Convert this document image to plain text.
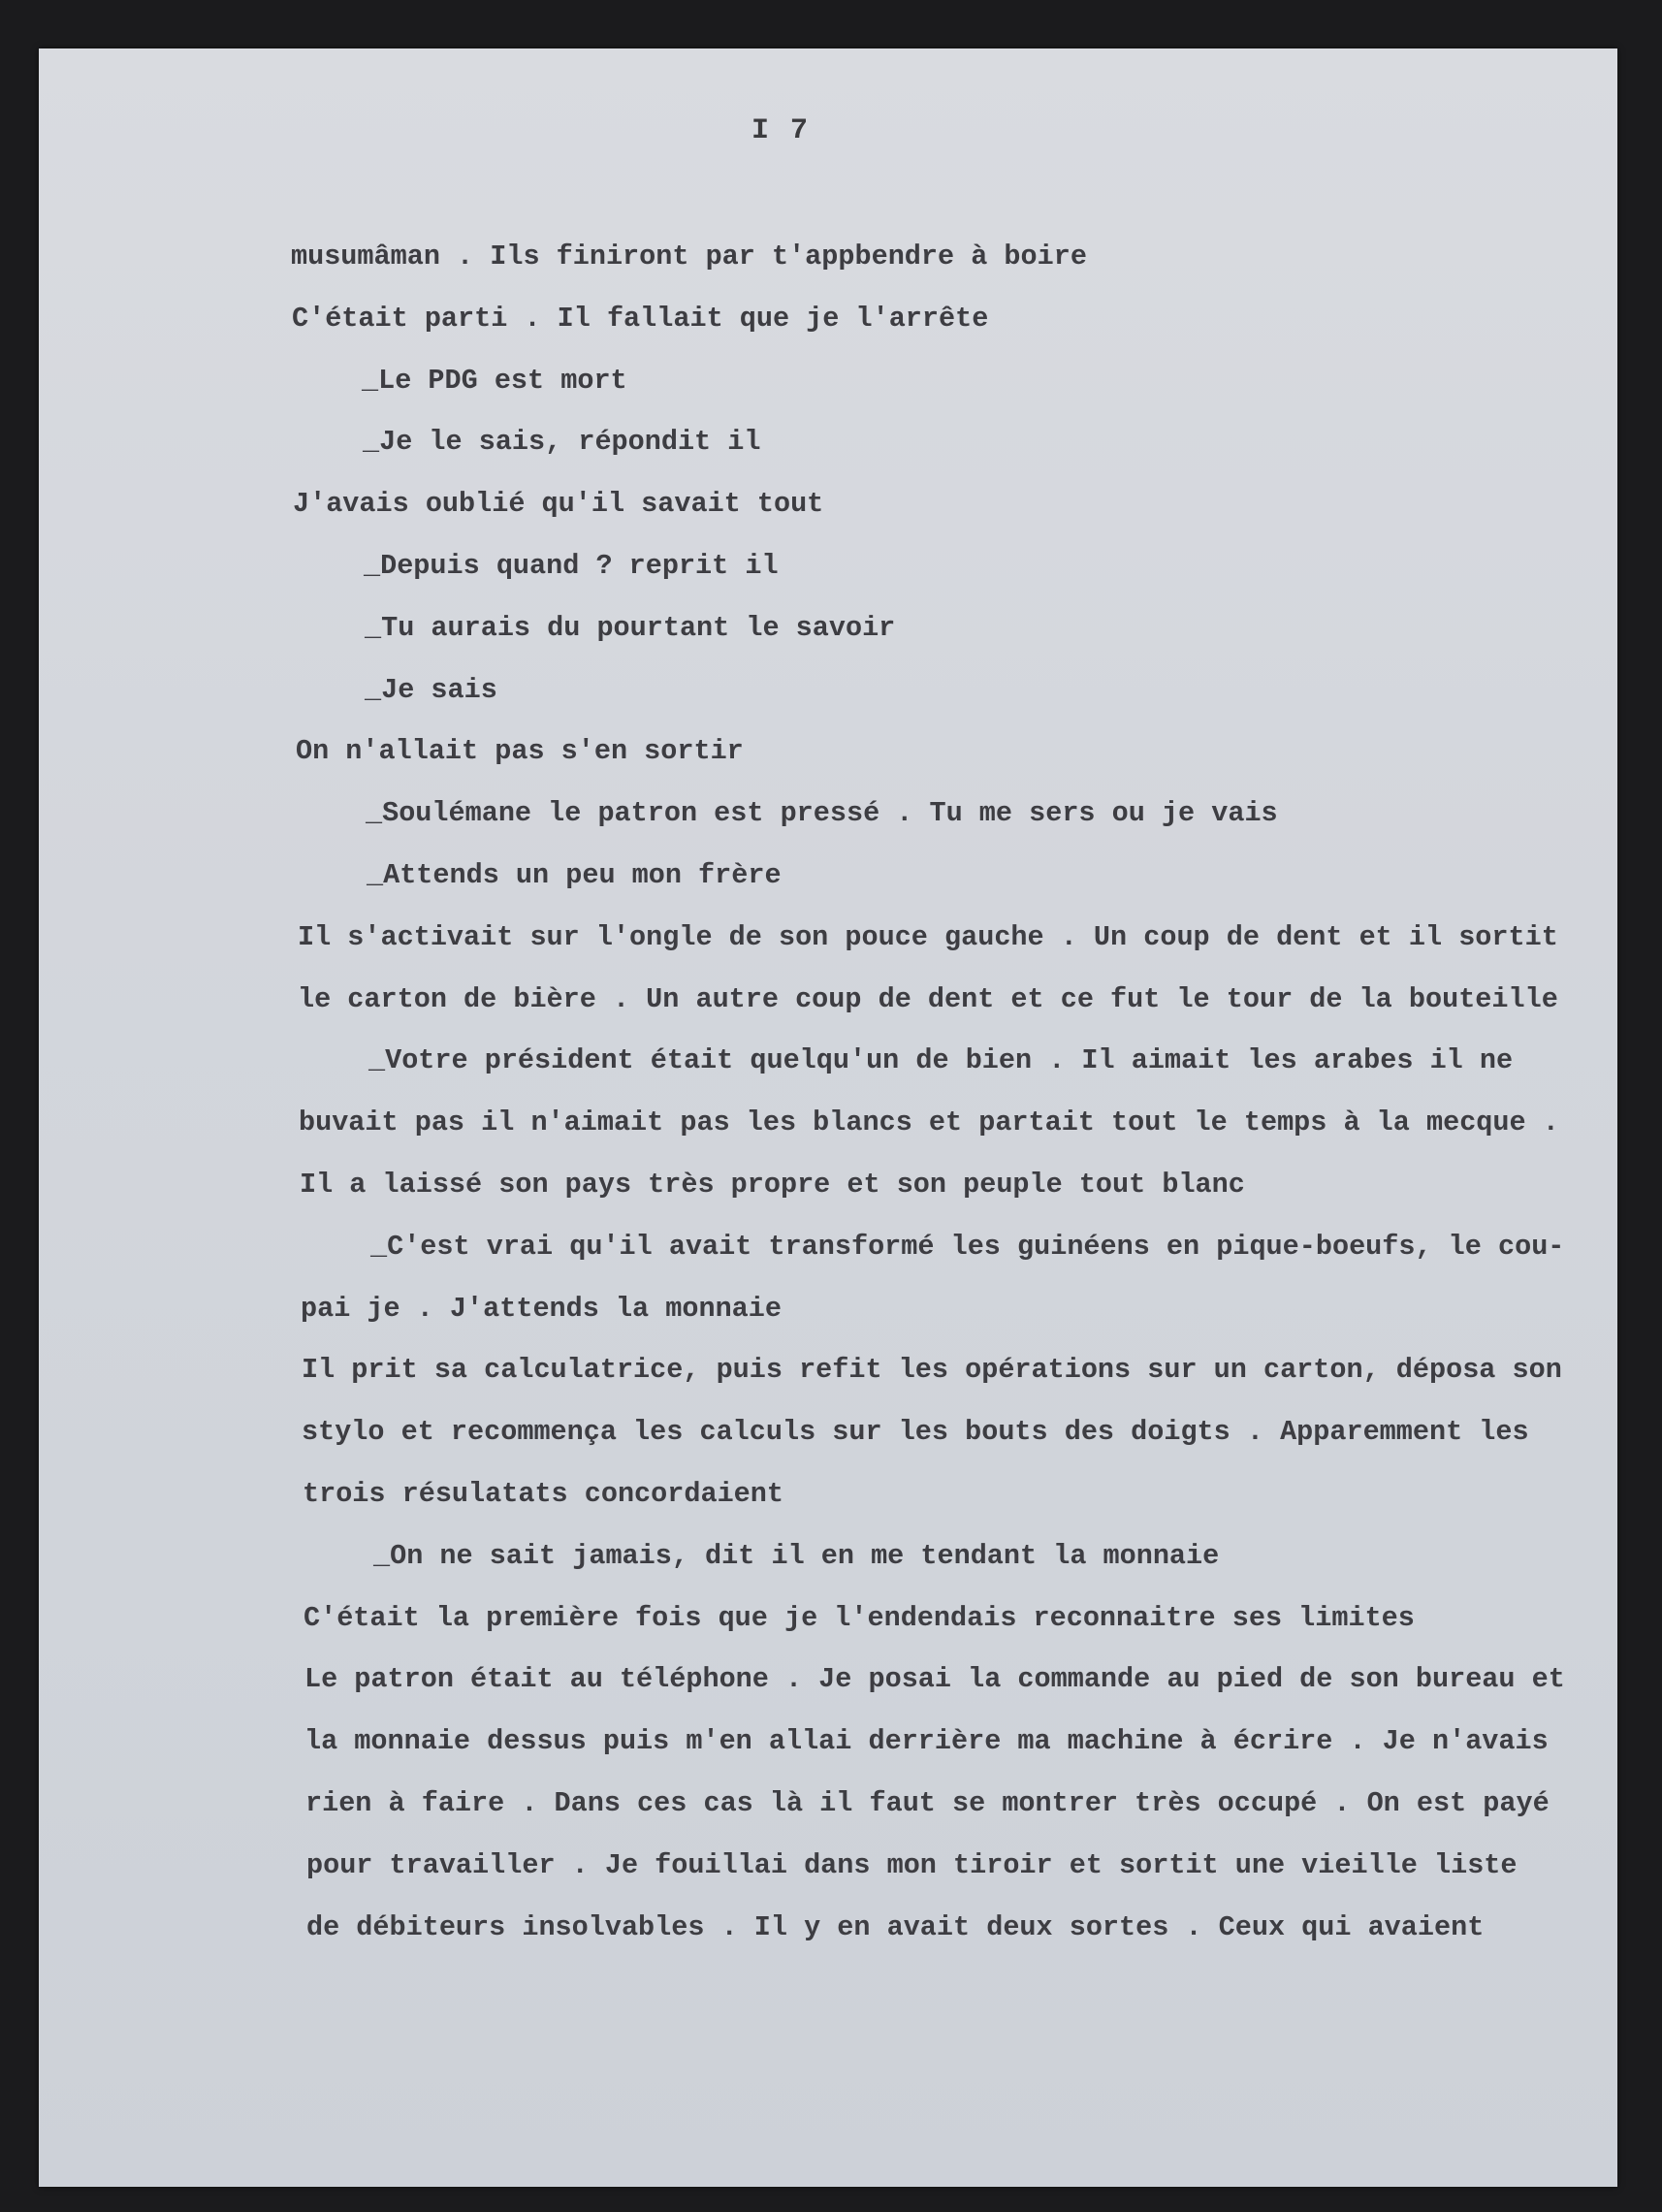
I 7
musumâman . Ils finiront par t'appbendre à boire
C'était parti . Il fallait que je l'arrête
_Le PDG est mort
_Je le sais, répondit il
J'avais oublié qu'il savait tout
_Depuis quand ? reprit il
_Tu aurais du pourtant le savoir
_Je sais
On n'allait pas s'en sortir
_Soulémane le patron est pressé . Tu me sers ou je vais
_Attends un peu mon frère
Il s'activait sur l'ongle de son pouce gauche . Un coup de dent et il sortit
le carton de bière . Un autre coup de dent et ce fut le tour de la bouteille
_Votre président était quelqu'un de bien . Il aimait les arabes il ne
buvait pas il n'aimait pas les blancs et partait tout le temps à la mecque .
Il a laissé son pays très propre et son peuple tout blanc
_C'est vrai qu'il avait transformé les guinéens en pique-boeufs, le cou-
pai je . J'attends la monnaie
Il prit sa calculatrice, puis refit les opérations sur un carton, déposa son
stylo et recommença les calculs sur les bouts des doigts . Apparemment les
trois résulatats concordaient
_On ne sait jamais, dit il en me tendant la monnaie
C'était la première fois que je l'endendais reconnaitre ses limites
Le patron était au téléphone . Je posai la commande au pied de son bureau et
la monnaie dessus puis m'en allai derrière ma machine à écrire . Je n'avais
rien à faire . Dans ces cas là il faut se montrer très occupé . On est payé
pour travailler . Je fouillai dans mon tiroir et sortit une vieille liste
de débiteurs insolvables . Il y en avait deux sortes . Ceux qui avaient
